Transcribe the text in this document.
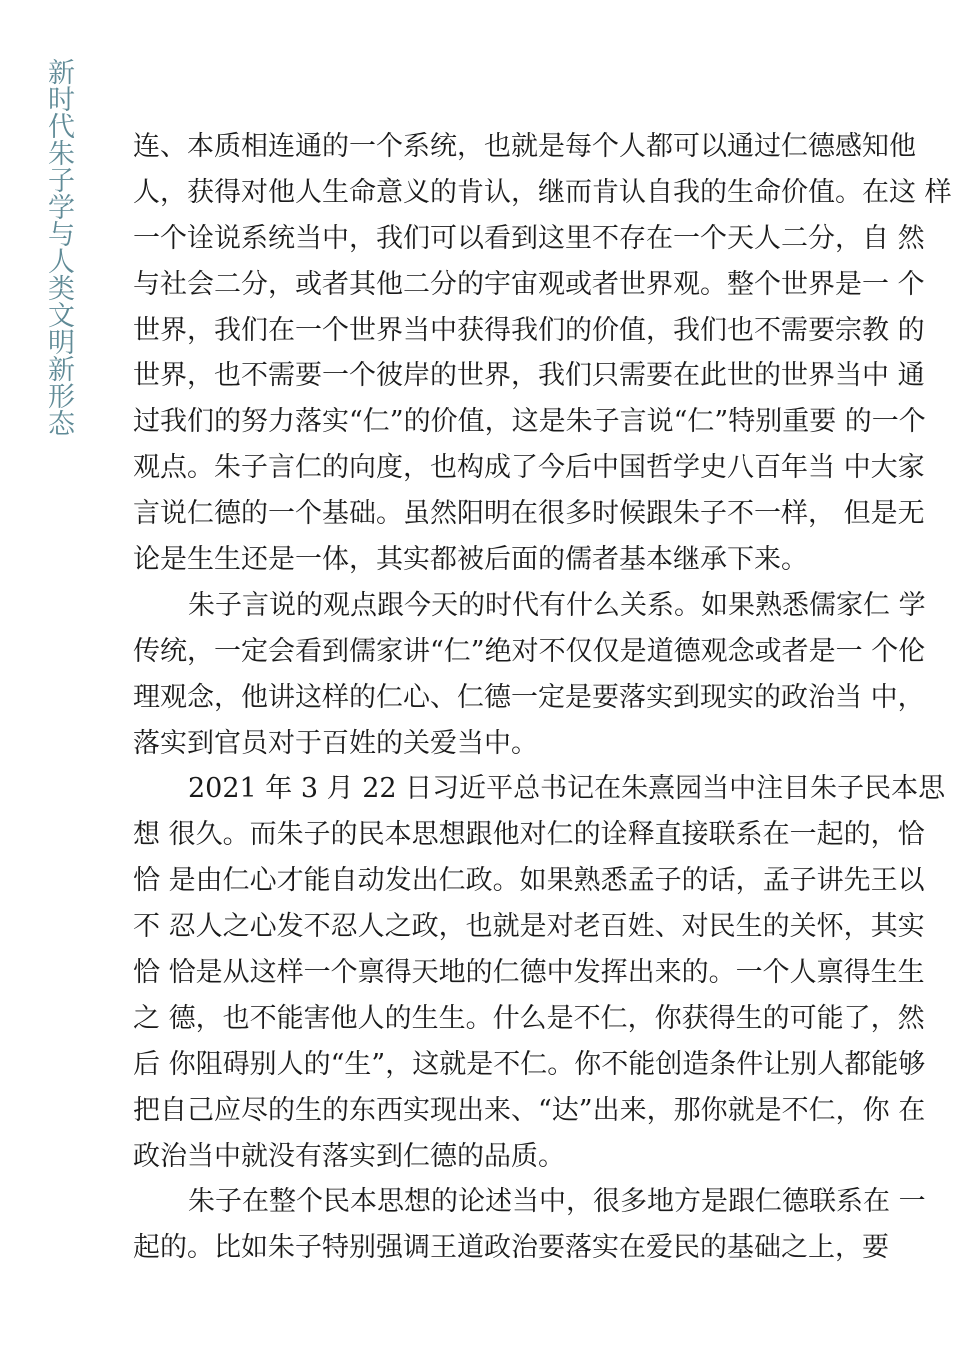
新时代朱子学与人类文明新形态 连、本质相连通的一个系统，也就是每个人都可以通过仁德感知他
人，获得对他人生命意义的肯认，继而肯认自我的生命价值。在这 样
一个诠说系统当中，我们可以看到这里不存在一个天人二分，自 然
与社会二分，或者其他二分的宇宙观或者世界观。整个世界是一 个
世界，我们在一个世界当中获得我们的价值，我们也不需要宗教 的
世界，也不需要一个彼岸的世界，我们只需要在此世的世界当中 通
过我们的努力落实“仁”的价值，这是朱子言说“仁”特别重要 的一个
观点。朱子言仁的向度，也构成了今后中国哲学史八百年当 中大家
言说仁德的一个基础。虽然阳明在很多时候跟朱子不一样， 但是无
论是生生还是一体，其实都被后面的儒者基本继承下来。
朱子言说的观点跟今天的时代有什么关系。如果熟悉儒家仁 学
传统，一定会看到儒家讲“仁”绝对不仅仅是道德观念或者是一 个伦
理观念，他讲这样的仁心、仁德一定是要落实到现实的政治当 中，
落实到官员对于百姓的关爱当中。
2021 年 3 月 22 日习近平总书记在朱熹园当中注目朱子民本思
想 很久。而朱子的民本思想跟他对仁的诠释直接联系在一起的，恰
恰 是由仁心才能自动发出仁政。如果熟悉孟子的话，孟子讲先王以
不 忍人之心发不忍人之政，也就是对老百姓、对民生的关怀，其实
恰 恰是从这样一个禀得天地的仁德中发挥出来的。一个人禀得生生
之 德，也不能害他人的生生。什么是不仁，你获得生的可能了，然
后 你阻碍别人的“生”，这就是不仁。你不能创造条件让别人都能够
把自己应尽的生的东西实现出来、“达”出来，那你就是不仁，你 在
政治当中就没有落实到仁德的品质。
朱子在整个民本思想的论述当中，很多地方是跟仁德联系在 一
起的。比如朱子特别强调王道政治要落实在爱民的基础之上，要
